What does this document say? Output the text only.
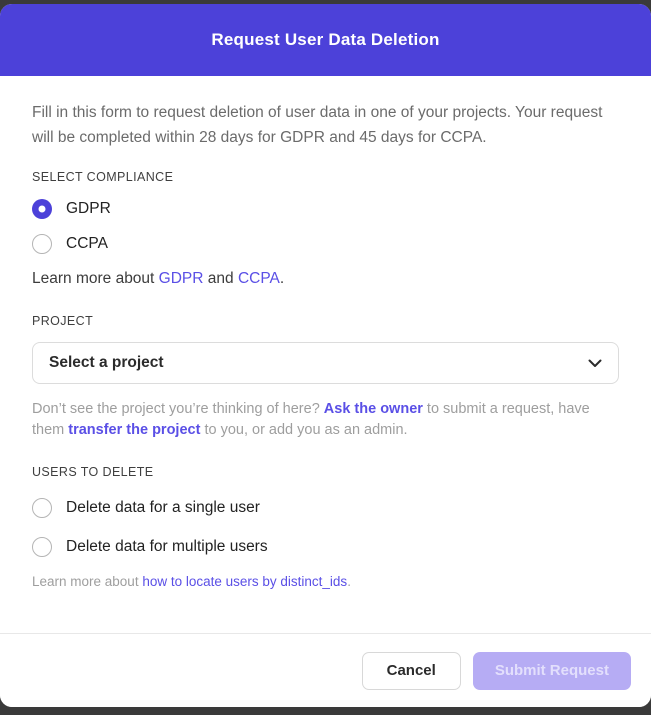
Request User Data Deletion

Fill in this form to request deletion of user data in one of your projects. Your request will be completed within 28 days for GDPR and 45 days for CCPA.

SELECT COMPLIANCE
GDPR
CCPA
Learn more about GDPR and CCPA.
PROJECT
Select a project
Don’t see the project you’re thinking of here? Ask the owner to submit a request, have them transfer the project to you, or add you as an admin.
USERS TO DELETE
Delete data for a single user
Delete data for multiple users
Learn more about how to locate users by distinct_ids.
Cancel	Submit Request
